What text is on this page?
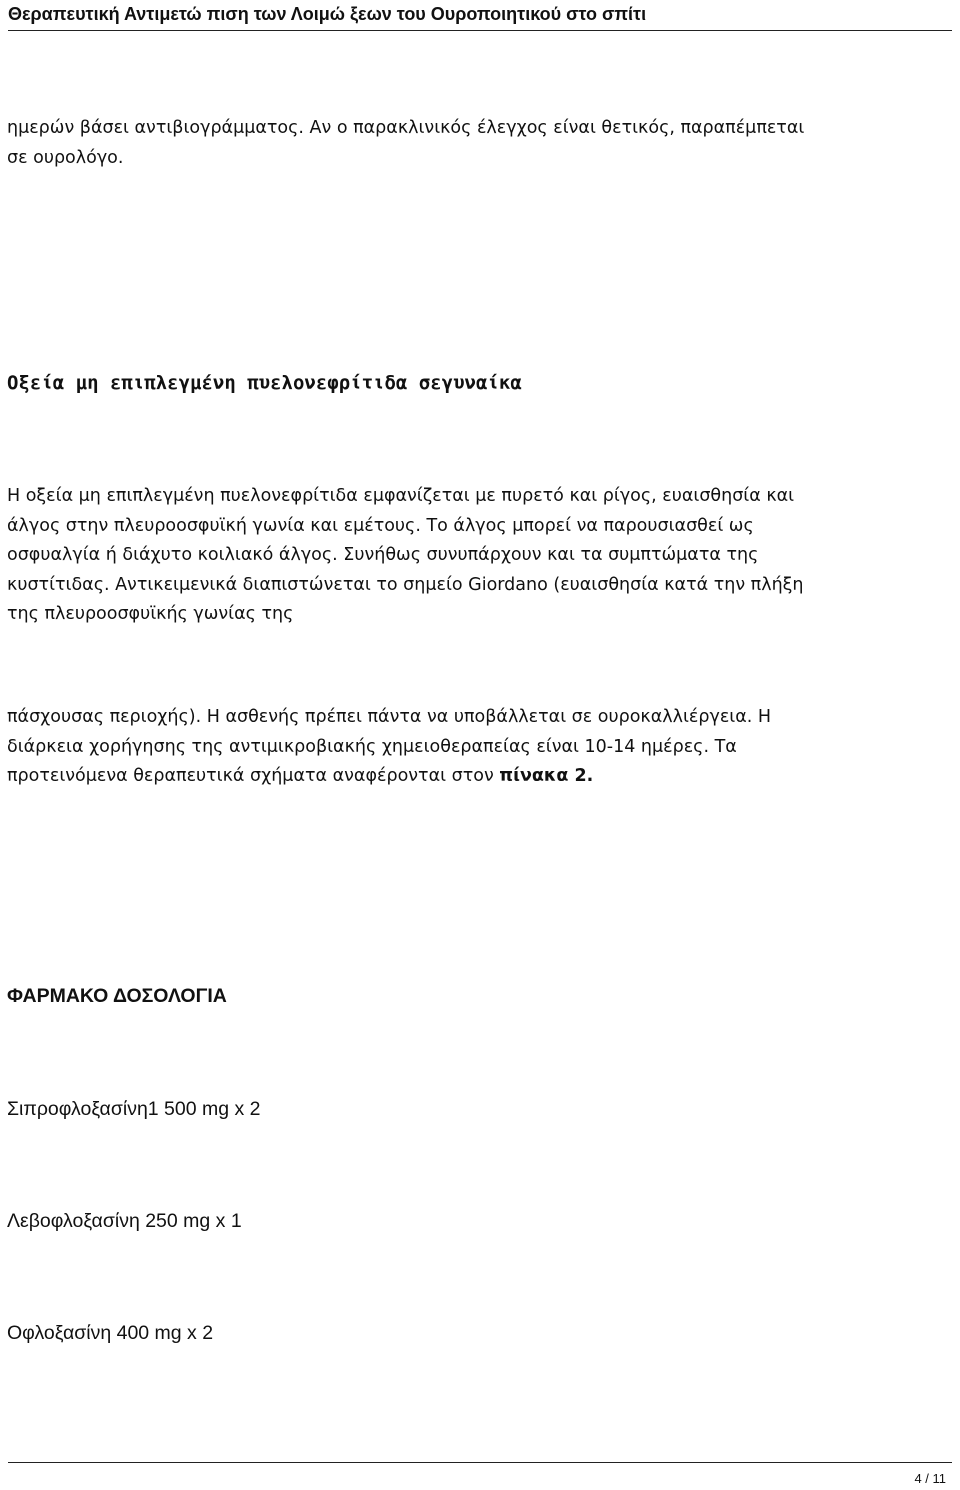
Θεραπευτική Αντιμετώ πιση των Λοιμώ ξεων του Ουροποιητικού στο σπίτι
ημερών βάσει αντιβιογράμματος. Αν ο παρακλινικός έλεγχος είναι θετικός, παραπέμπεται
σε ουρολόγο.
Οξεία μη επιπλεγμένη πυελονεφρίτιδα σεγυναίκα
Η οξεία μη επιπλεγμένη πυελονεφρίτιδα εμφανίζεται με πυρετό και ρίγος, ευαισθησία και
άλγος στην πλευροοσφυϊκή γωνία και εμέτους. Το άλγος μπορεί να παρουσιασθεί ως
οσφυαλγία ή διάχυτο κοιλιακό άλγος. Συνήθως συνυπάρχουν και τα συμπτώματα της
κυστίτιδας. Αντικειμενικά διαπιστώνεται το σημείο Giordano (ευαισθησία κατά την πλήξη
της πλευροοσφυϊκής γωνίας της
πάσχουσας περιοχής). Η ασθενής πρέπει πάντα να υποβάλλεται σε ουροκαλλιέργεια. Η
διάρκεια χορήγησης της αντιμικροβιακής χημειοθεραπείας είναι 10-14 ημέρες. Τα
προτεινόμενα θεραπευτικά σχήματα αναφέρονται στον πίνακα 2.
ΦΑΡΜΑΚΟ ΔΟΣΟΛΟΓΙΑ

Σιπροφλοξασίνη1 500 mg x 2

Λεβοφλοξασίνη 250 mg x 1

Οφλοξασίνη 400 mg x 2

4 / 11
